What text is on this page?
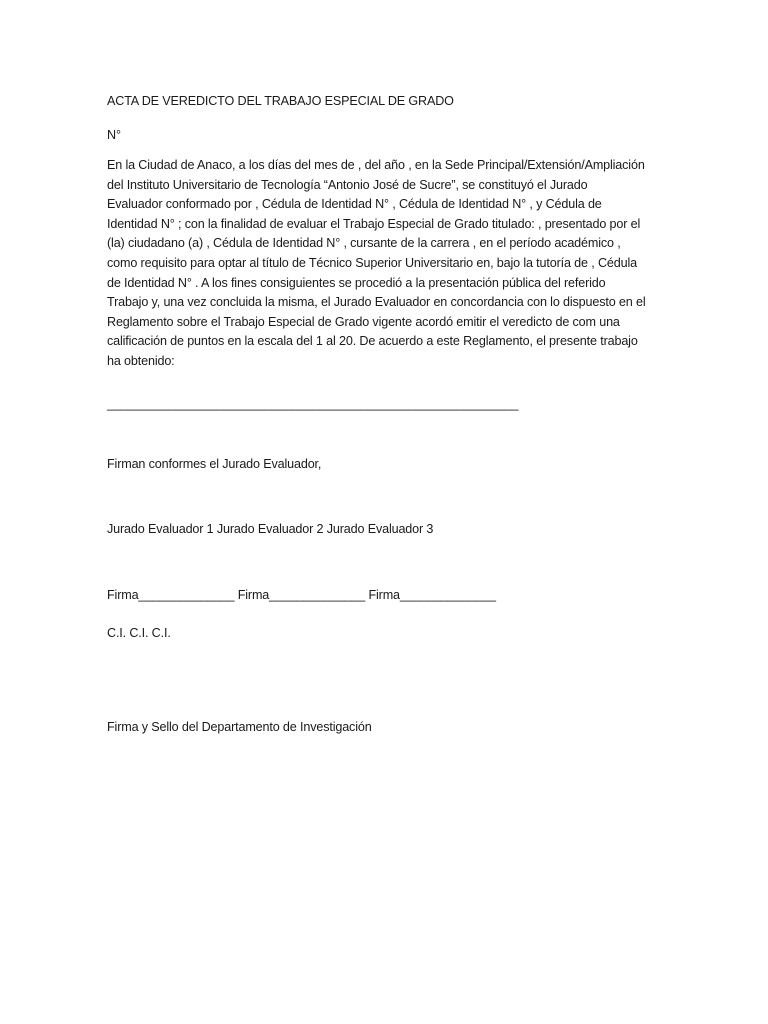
ACTA DE VEREDICTO DEL TRABAJO ESPECIAL DE GRADO
N°
En la Ciudad de Anaco, a los días del mes de , del año , en la Sede Principal/Extensión/Ampliación
del Instituto Universitario de Tecnología “Antonio José de Sucre”, se constituyó el Jurado
Evaluador conformado por , Cédula de Identidad N° , Cédula de Identidad N° , y Cédula de
Identidad N° ; con la finalidad de evaluar el Trabajo Especial de Grado titulado: , presentado por el
(la) ciudadano (a) , Cédula de Identidad N° , cursante de la carrera , en el período académico ,
como requisito para optar al título de Técnico Superior Universitario en, bajo la tutoría de , Cédula
de Identidad N° . A los fines consiguientes se procedió a la presentación pública del referido
Trabajo y, una vez concluida la misma, el Jurado Evaluador en concordancia con lo dispuesto en el
Reglamento sobre el Trabajo Especial de Grado vigente acordó emitir el veredicto de com una
calificación de puntos en la escala del 1 al 20. De acuerdo a este Reglamento, el presente trabajo
ha obtenido:
____________________________________________________________
Firman conformes el Jurado Evaluador,
Jurado Evaluador 1 Jurado Evaluador 2 Jurado Evaluador 3
Firma______________ Firma______________ Firma______________
C.I. C.I. C.I.
Firma y Sello del Departamento de Investigación
